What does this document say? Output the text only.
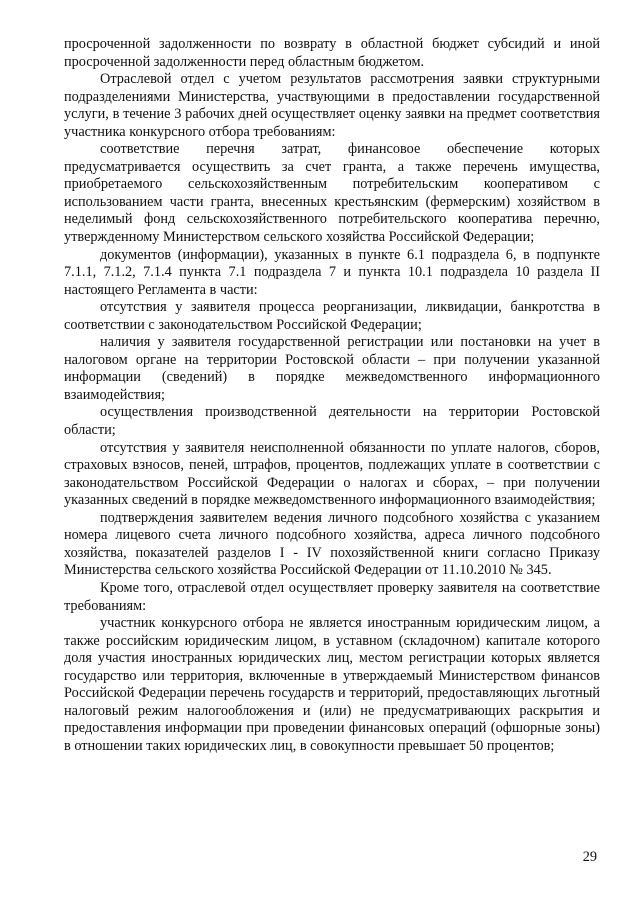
просроченной задолженности по возврату в областной бюджет субсидий и иной просроченной задолженности перед областным бюджетом.

Отраслевой отдел с учетом результатов рассмотрения заявки структурными подразделениями Министерства, участвующими в предоставлении государственной услуги, в течение 3 рабочих дней осуществляет оценку заявки на предмет соответствия участника конкурсного отбора требованиям:

соответствие перечня затрат, финансовое обеспечение которых предусматривается осуществить за счет гранта, а также перечень имущества, приобретаемого сельскохозяйственным потребительским кооперативом с использованием части гранта, внесенных крестьянским (фермерским) хозяйством в неделимый фонд сельскохозяйственного потребительского кооператива перечню, утвержденному Министерством сельского хозяйства Российской Федерации;

документов (информации), указанных в пункте 6.1 подраздела 6, в подпункте 7.1.1, 7.1.2, 7.1.4 пункта 7.1 подраздела 7 и пункта 10.1 подраздела 10 раздела II настоящего Регламента в части:

отсутствия у заявителя процесса реорганизации, ликвидации, банкротства в соответствии с законодательством Российской Федерации;

наличия у заявителя государственной регистрации или постановки на учет в налоговом органе на территории Ростовской области – при получении указанной информации (сведений) в порядке межведомственного информационного взаимодействия;

осуществления производственной деятельности на территории Ростовской области;

отсутствия у заявителя неисполненной обязанности по уплате налогов, сборов, страховых взносов, пеней, штрафов, процентов, подлежащих уплате в соответствии с законодательством Российской Федерации о налогах и сборах, – при получении указанных сведений в порядке межведомственного информационного взаимодействия;

подтверждения заявителем ведения личного подсобного хозяйства с указанием номера лицевого счета личного подсобного хозяйства, адреса личного подсобного хозяйства, показателей разделов I - IV похозяйственной книги согласно Приказу Министерства сельского хозяйства Российской Федерации от 11.10.2010 № 345.

Кроме того, отраслевой отдел осуществляет проверку заявителя на соответствие требованиям:

участник конкурсного отбора не является иностранным юридическим лицом, а также российским юридическим лицом, в уставном (складочном) капитале которого доля участия иностранных юридических лиц, местом регистрации которых является государство или территория, включенные в утверждаемый Министерством финансов Российской Федерации перечень государств и территорий, предоставляющих льготный налоговый режим налогообложения и (или) не предусматривающих раскрытия и предоставления информации при проведении финансовых операций (офшорные зоны) в отношении таких юридических лиц, в совокупности превышает 50 процентов;

29
